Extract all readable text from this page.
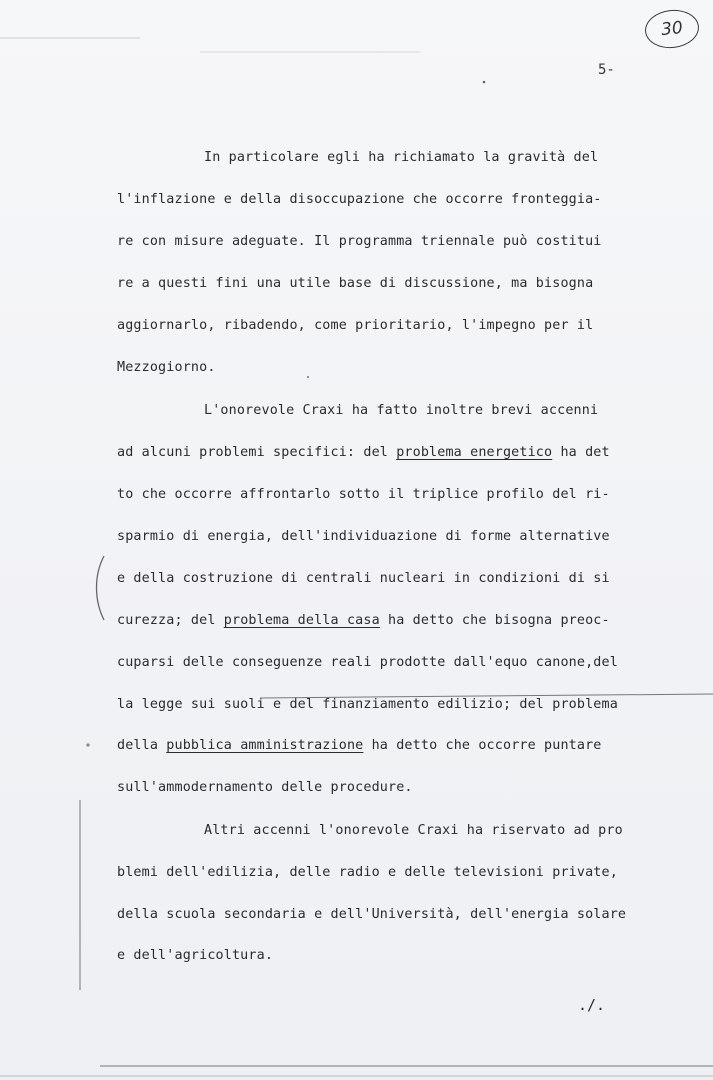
30
5-
In particolare egli ha richiamato la gravità del
l'inflazione e della disoccupazione che occorre fronteggia-
re con misure adeguate. Il programma triennale può costitui
re a questi fini una utile base di discussione, ma bisogna
aggiornarlo, ribadendo, come prioritario, l'impegno per il
Mezzogiorno.
L'onorevole Craxi ha fatto inoltre brevi accenni
ad alcuni problemi specifici: del problema energetico ha det
to che occorre affrontarlo sotto il triplice profilo del ri-
sparmio di energia, dell'individuazione di forme alternative
e della costruzione di centrali nucleari in condizioni di si
curezza; del problema della casa ha detto che bisogna preoc-
cuparsi delle conseguenze reali prodotte dall'equo canone,del
la legge sui suoli e del finanziamento edilizio; del problema
della pubblica amministrazione ha detto che occorre puntare
sull'ammodernamento delle procedure.
Altri accenni l'onorevole Craxi ha riservato ad pro
blemi dell'edilizia, delle radio e delle televisioni private,
della scuola secondaria e dell'Università, dell'energia solare
e dell'agricoltura.
./.
